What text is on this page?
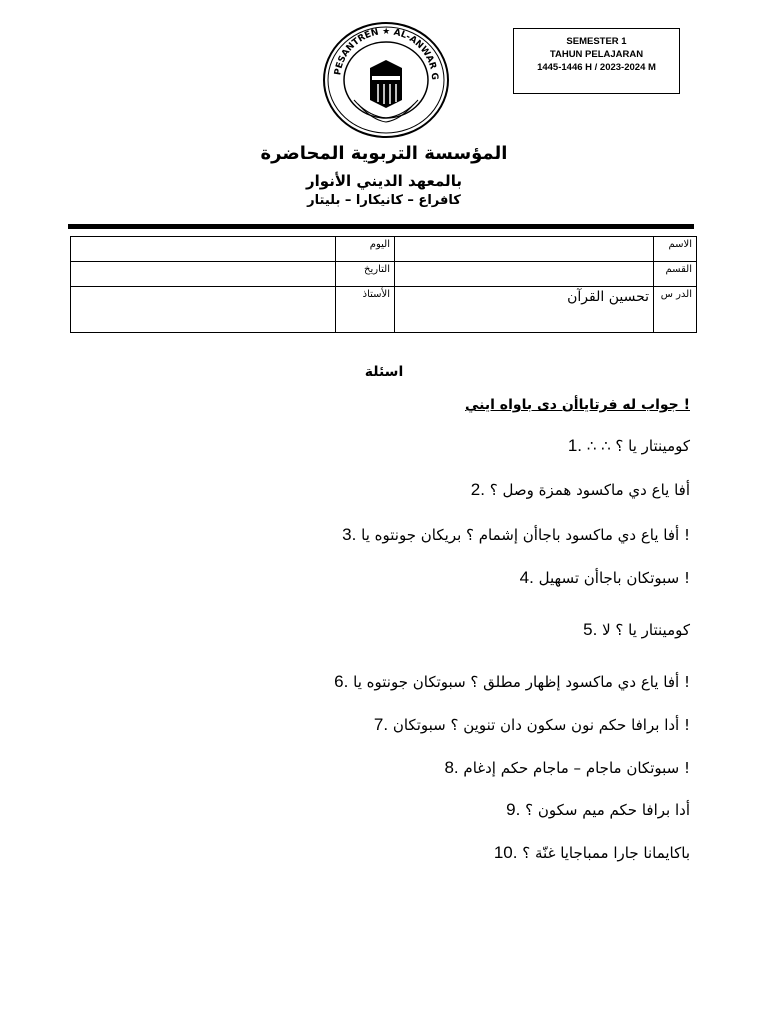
PESANTREN ★ AL-ANWAR G
SEMESTER 1
TAHUN PELAJARAN
1445-1446 H / 2023-2024 M
المؤسسة التربوية المحاضرة
بالمعهد الديني الأنوار
كافراع – كانيكارا – بليتار
الاسم		اليوم	
القسم		التاريخ	
الدر س	تحسين القرآن	الأستاذ	
اسئلة
! جواب له فرتاياأن دى باواه ايني
كومينتار يا ؟ ∴ ∴ .1
أفا ياع دي ماكسود همزة وصل ؟ .2
! أفا ياع دي ماكسود باجاأن إشمام ؟ بريكان جونتوه يا .3
! سبوتكان باجاأن تسهيل .4
كومينتار يا ؟ لا .5
! أفا ياع دي ماكسود إظهار مطلق ؟ سبوتكان جونتوه يا .6
! أدا برافا حكم نون سكون دان تنوين ؟ سبوتكان .7
! سبوتكان ماجام – ماجام حكم إدغام .8
أدا برافا حكم ميم سكون ؟ .9
باكايمانا جارا ممباجايا غنّة ؟ .10
